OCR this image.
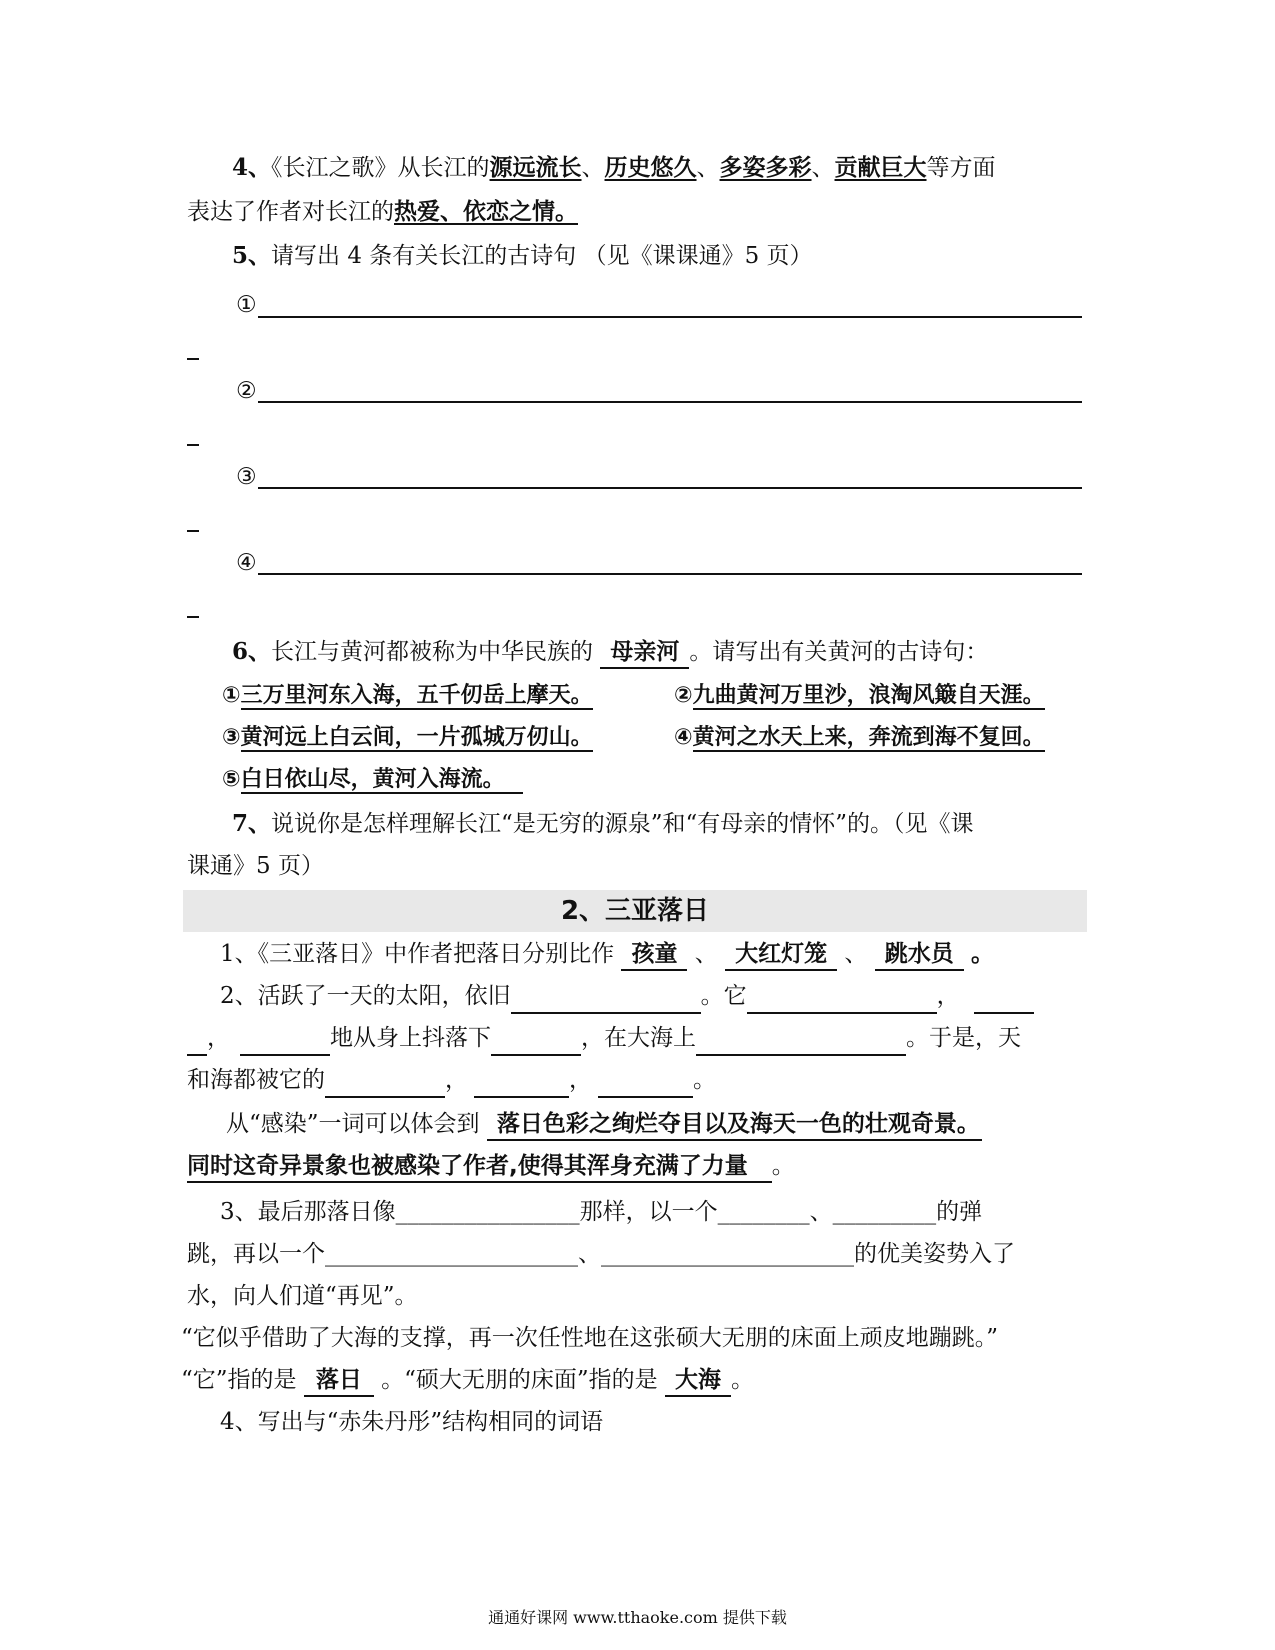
4、《长江之歌》从长江的源远流长、历史悠久、多姿多彩、贡献巨大等方面
表达了作者对长江的热爱、依恋之情。
5、请写出 4 条有关长江的古诗句 （见《课课通》5 页）
①
②
③
④
6、长江与黄河都被称为中华民族的 母亲河 。请写出有关黄河的古诗句：
①三万里河东入海，五千仞岳上摩天。	②九曲黄河万里沙，浪淘风簸自天涯。
③黄河远上白云间，一片孤城万仞山。	④黄河之水天上来，奔流到海不复回。
⑤白日依山尽，黄河入海流。
7、说说你是怎样理解长江“是无穷的源泉”和“有母亲的情怀”的。（见《课
课通》5 页）
2、三亚落日
1、《三亚落日》中作者把落日分别比作 孩童 、 大红灯笼 、 跳水员 。
2、活跃了一天的太阳，依旧	。它	，
，	地从身上抖落下	，在大海上	。于是，天
和海都被它的	，	，	。
从“感染”一词可以体会到 落日色彩之绚烂夺目以及海天一色的壮观奇景。
同时这奇异景象也被感染了作者,使得其浑身充满了力量 。
3、最后那落日像________________那样，以一个________、_________的弹
跳，再以一个______________________、______________________的优美姿势入了
水，向人们道“再见”。
“它似乎借助了大海的支撑，再一次任性地在这张硕大无朋的床面上顽皮地蹦跳。”
“它”指的是 落日 。“硕大无朋的床面”指的是 大海 。
4、写出与“赤朱丹彤”结构相同的词语
通通好课网 www.tthaoke.com 提供下载
